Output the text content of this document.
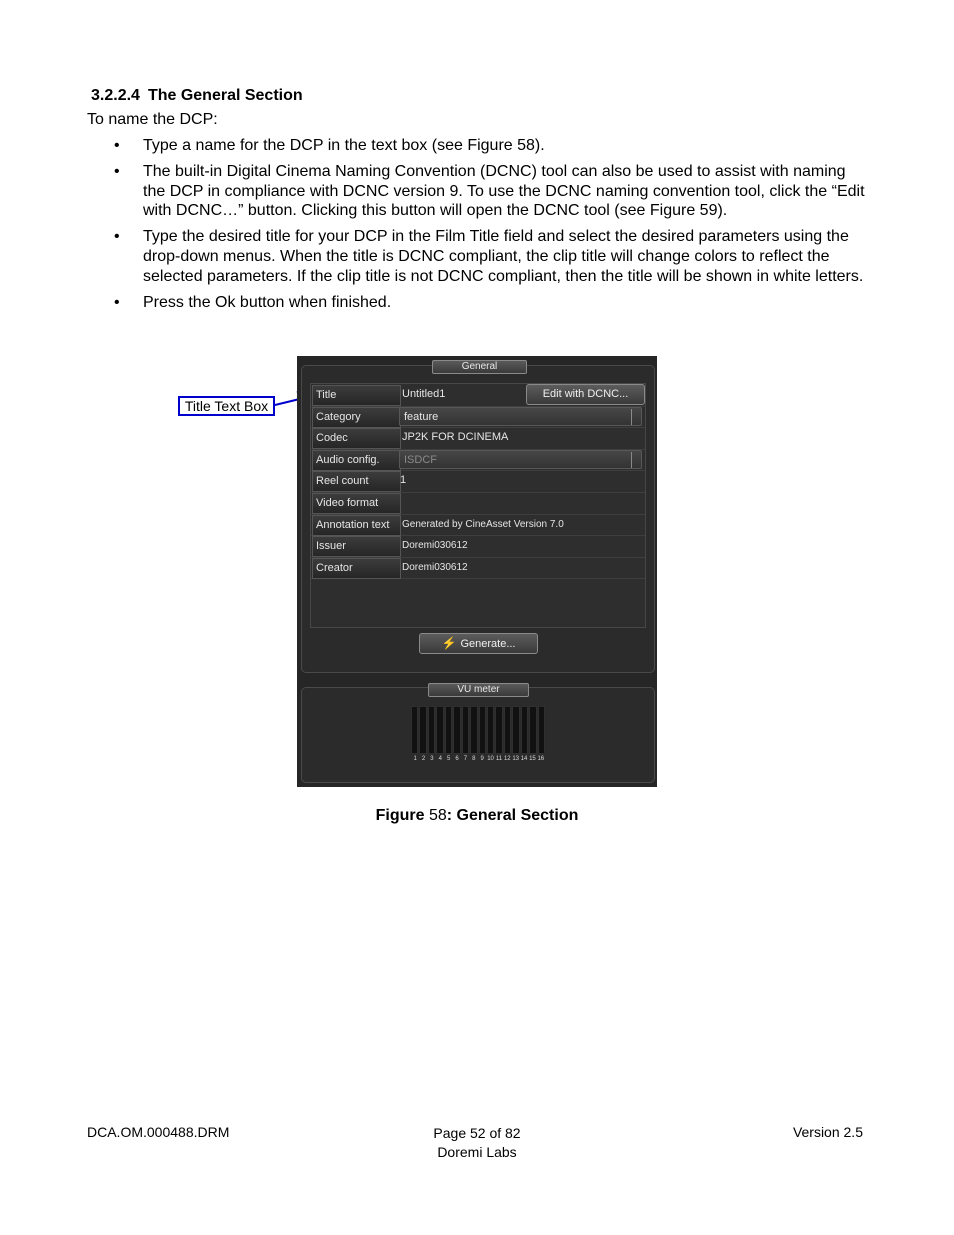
3.2.2.4 The General Section
To name the DCP:
• Type a name for the DCP in the text box (see Figure 58).
• The built-in Digital Cinema Naming Convention (DCNC) tool can also be used to assist with naming the DCP in compliance with DCNC version 9. To use the DCNC naming convention tool, click the “Edit with DCNC…” button. Clicking this button will open the DCNC tool (see Figure 59).
• Type the desired title for your DCP in the Film Title field and select the desired parameters using the drop-down menus. When the title is DCNC compliant, the clip title will change colors to reflect the selected parameters. If the clip title is not DCNC compliant, then the title will be shown in white letters.
• Press the Ok button when finished.
Title Text Box
General
Title	Untitled1	Edit with DCNC...
Category	feature
Codec	JP2K FOR DCINEMA
Audio config.	ISDCF
Reel count	1
Video format
Annotation text	Generated by CineAsset Version 7.0
Issuer	Doremi030612
Creator	Doremi030612
⚡ Generate...
VU meter
1 2 3 4 5 6 7 8 9 10 11 12 13 14 15 16
Figure 58: General Section
DCA.OM.000488.DRM	Page 52 of 82
Doremi Labs
Version 2.5
